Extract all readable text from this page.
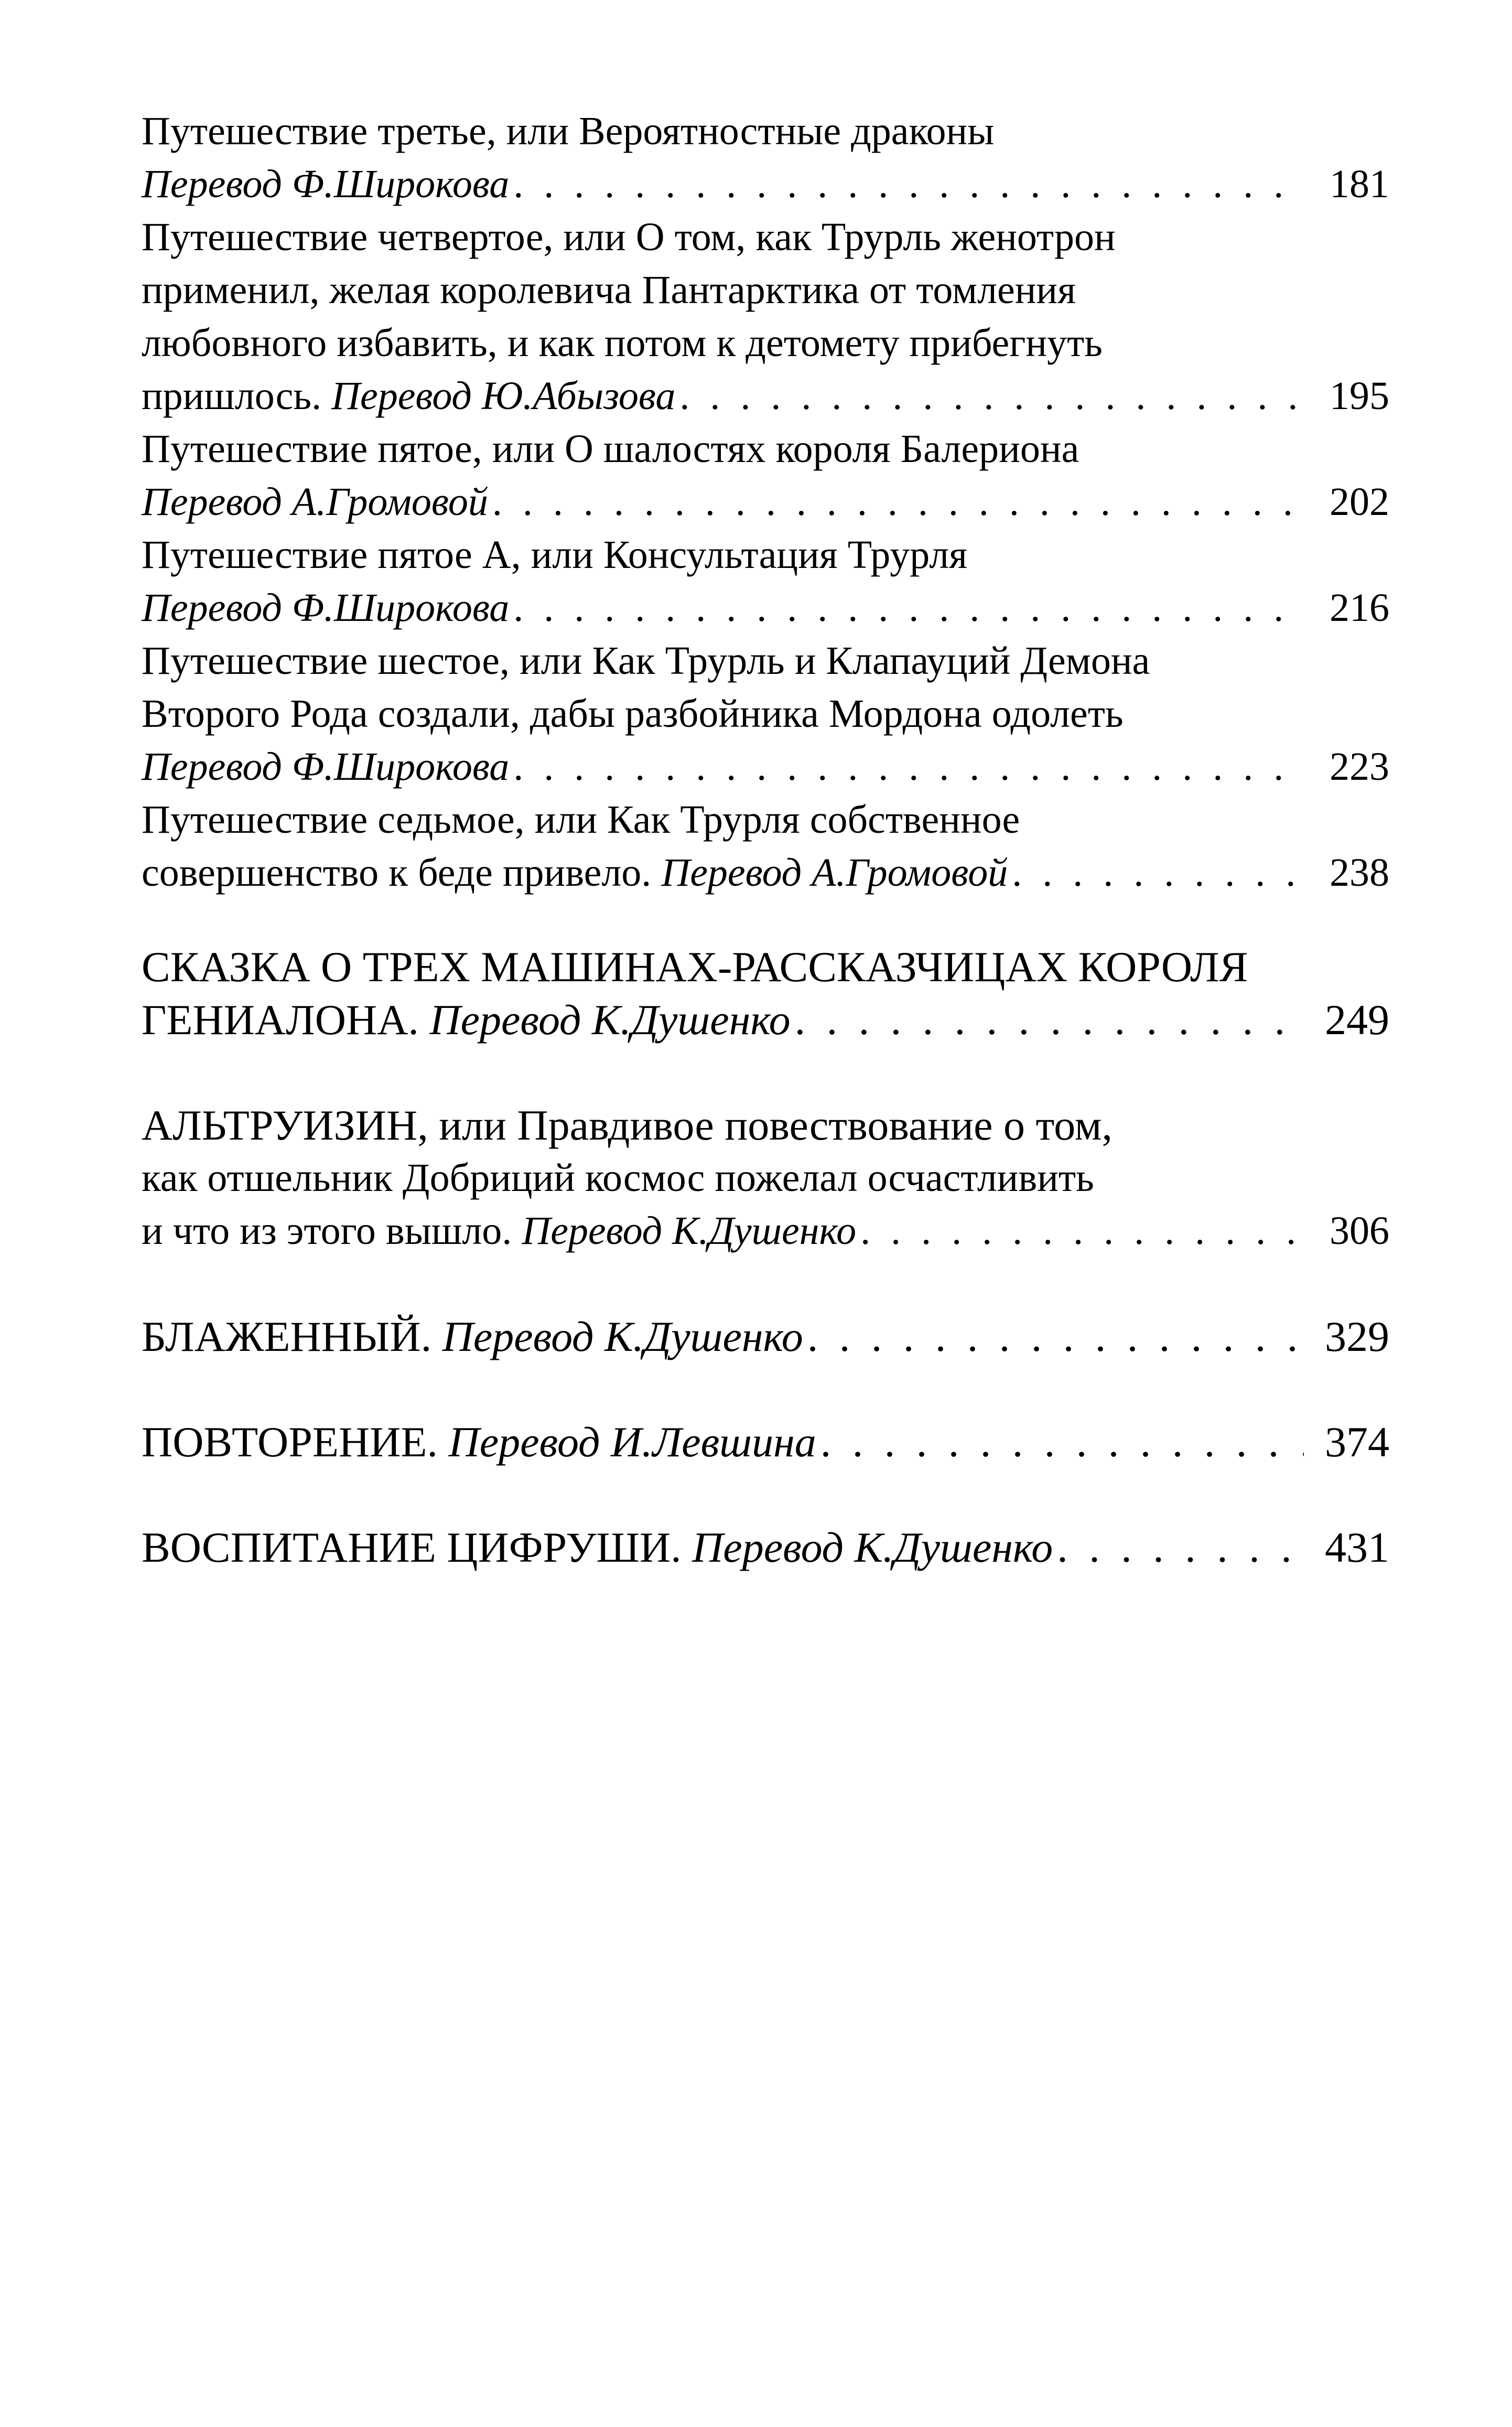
Путешествие третье, или Вероятностные драконы
Перевод Ф.Широкова . . .	181
Путешествие четвертое, или О том, как Трурль женотрон
применил, желая королевича Пантарктика от томления
любовного избавить, и как потом к детомету прибегнуть
пришлось.
Перевод Ю.Абызова . . .	195
Путешествие пятое, или О шалостях короля Балериона
Перевод А.Громовой . . .	202
Путешествие пятое А, или Консультация Трурля
Перевод Ф.Широкова . . .	216
Путешествие шестое, или Как Трурль и Клапауций Демона
Второго Рода создали, дабы разбойника Мордона одолеть
Перевод Ф.Широкова . . .	223
Путешествие седьмое, или Как Трурля собственное
совершенство к беде привело.
Перевод А.Громовой . . .	238
СКАЗКА О ТРЕХ МАШИНАХ-РАССКАЗЧИЦАХ КОРОЛЯ
ГЕНИАЛОНА.
Перевод К.Душенко . . .	249
АЛЬТРУИЗИН, или Правдивое повествование о том,
как отшельник Добриций космос пожелал осчастливить
и что из этого вышло.
Перевод К.Душенко . . .	306
БЛАЖЕННЫЙ.
Перевод К.Душенко . . .	329
ПОВТОРЕНИЕ.
Перевод И.Левшина . . .	374
ВОСПИТАНИЕ ЦИФРУШИ.
Перевод К.Душенко . . .	431
